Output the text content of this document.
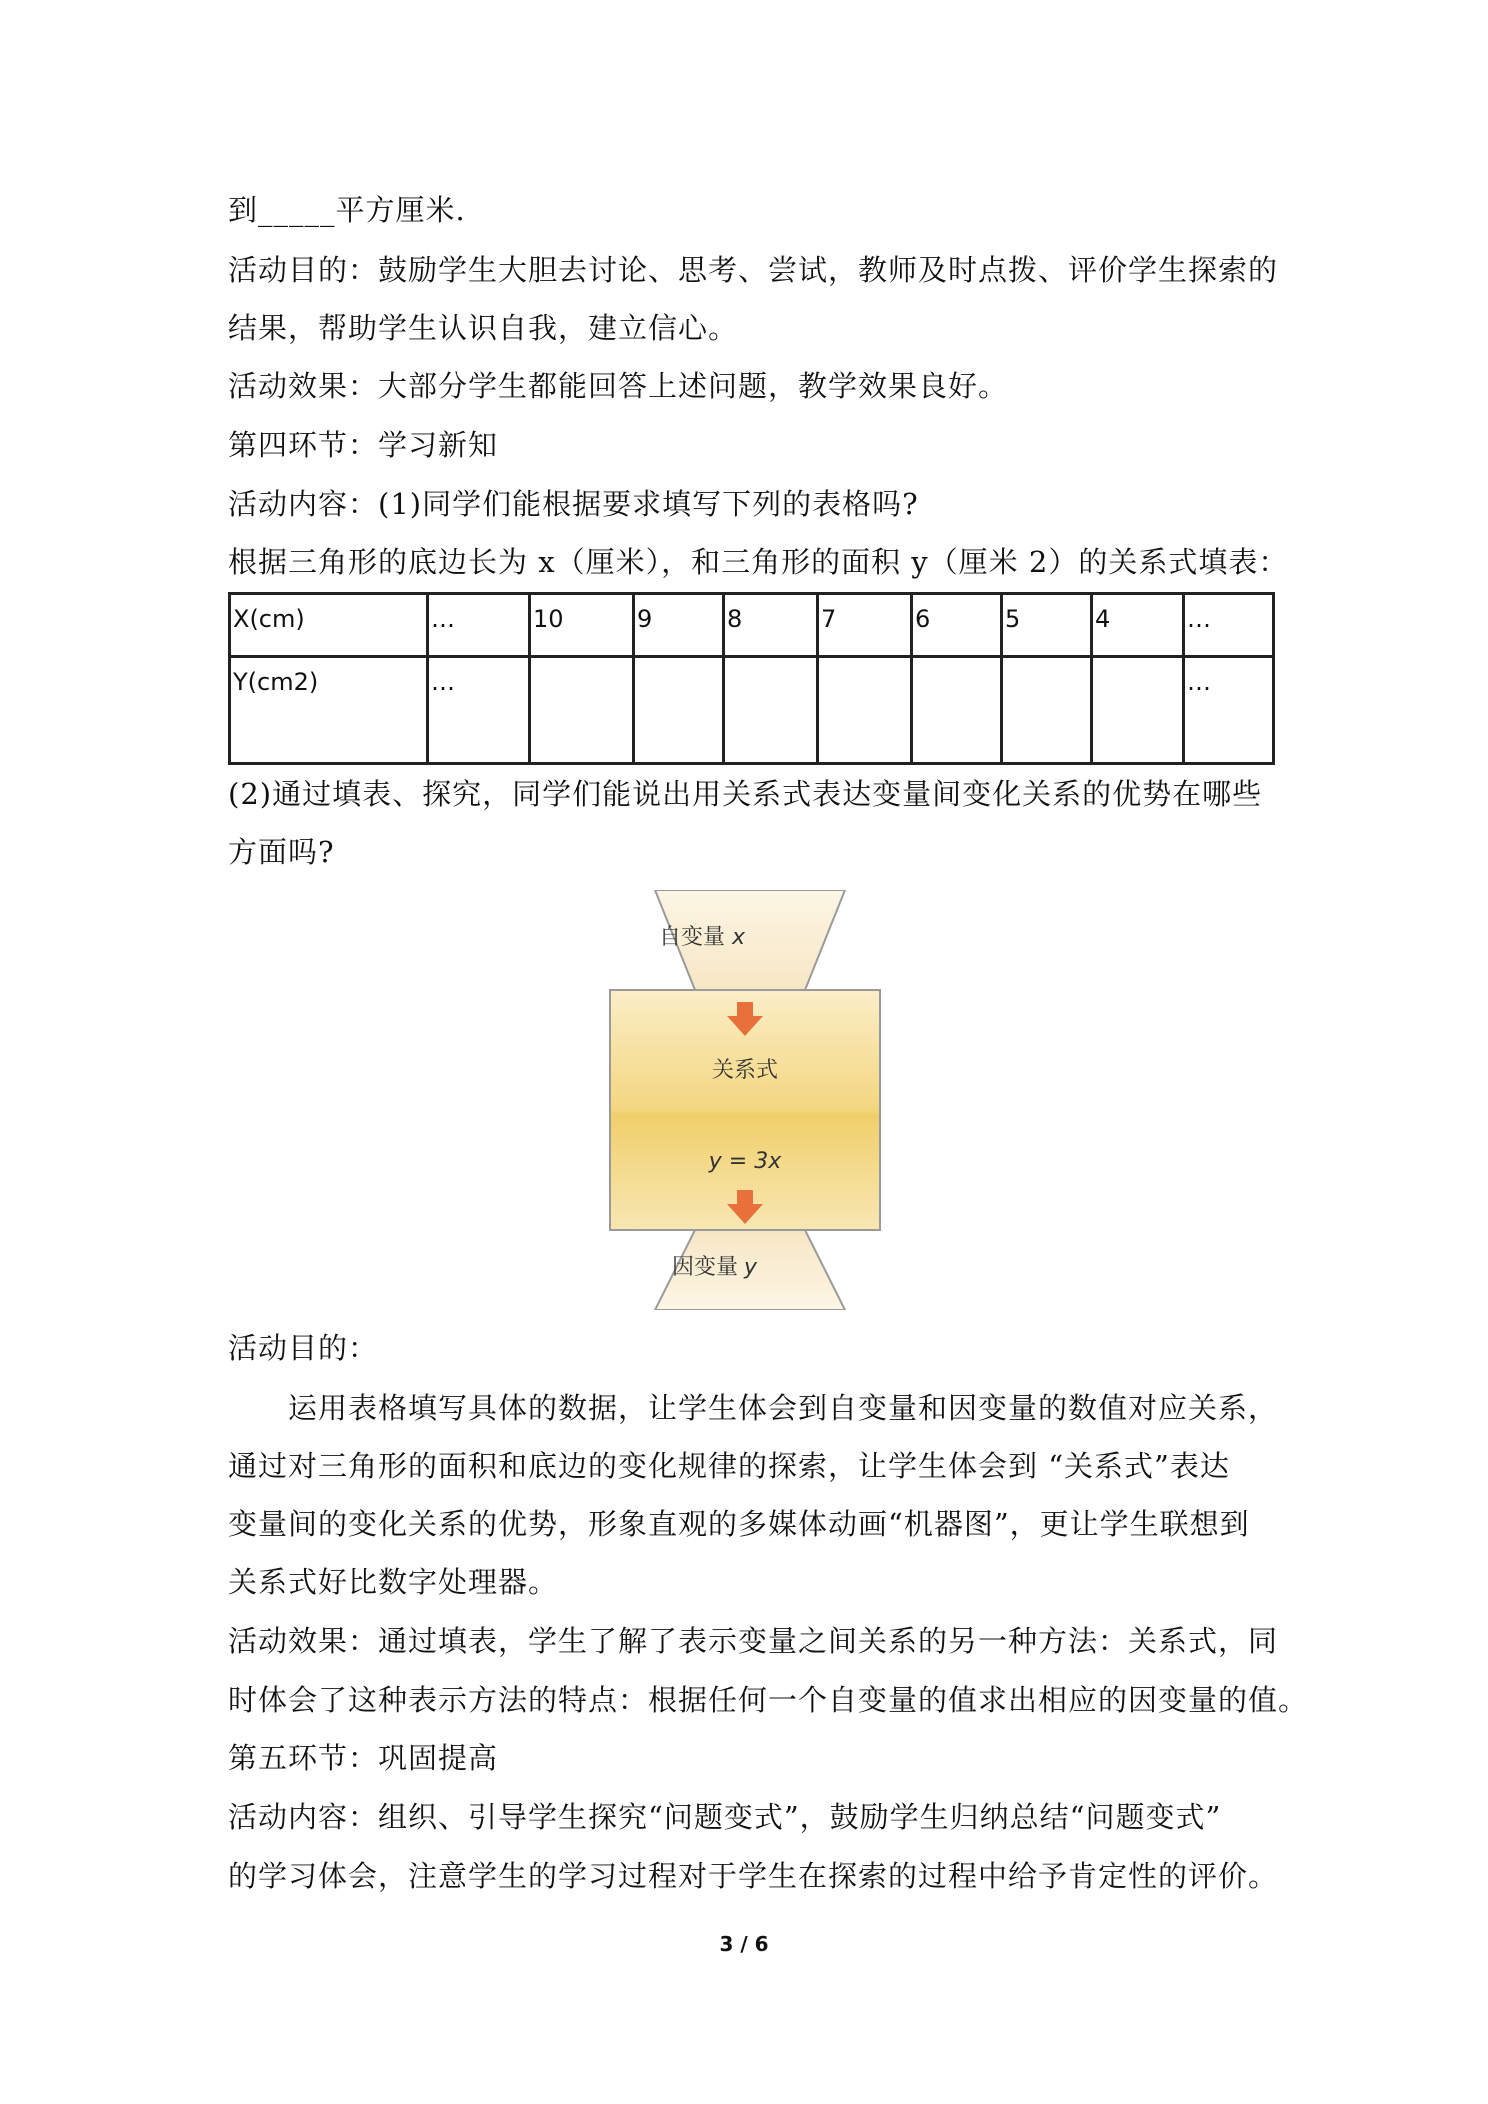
到_____平方厘米.
活动目的：鼓励学生大胆去讨论、思考、尝试，教师及时点拨、评价学生探索的
结果，帮助学生认识自我，建立信心。
活动效果：大部分学生都能回答上述问题，教学效果良好。
第四环节：学习新知
活动内容：(1)同学们能根据要求填写下列的表格吗?
根据三角形的底边长为 x（厘米），和三角形的面积 y（厘米 2）的关系式填表：
X(cm)	…	10	9	8	7	6	5	4	…
Y(cm2)	…								…
(2)通过填表、探究，同学们能说出用关系式表达变量间变化关系的优势在哪些
方面吗?
自变量 x
关系式
y = 3x
因变量 y
活动目的：
运用表格填写具体的数据，让学生体会到自变量和因变量的数值对应关系，
通过对三角形的面积和底边的变化规律的探索，让学生体会到 “关系式”表达
变量间的变化关系的优势，形象直观的多媒体动画“机器图”，更让学生联想到
关系式好比数字处理器。
活动效果：通过填表，学生了解了表示变量之间关系的另一种方法：关系式，同
时体会了这种表示方法的特点：根据任何一个自变量的值求出相应的因变量的值。
第五环节：巩固提高
活动内容：组织、引导学生探究“问题变式”，鼓励学生归纳总结“问题变式”
的学习体会，注意学生的学习过程对于学生在探索的过程中给予肯定性的评价。
3 / 6
